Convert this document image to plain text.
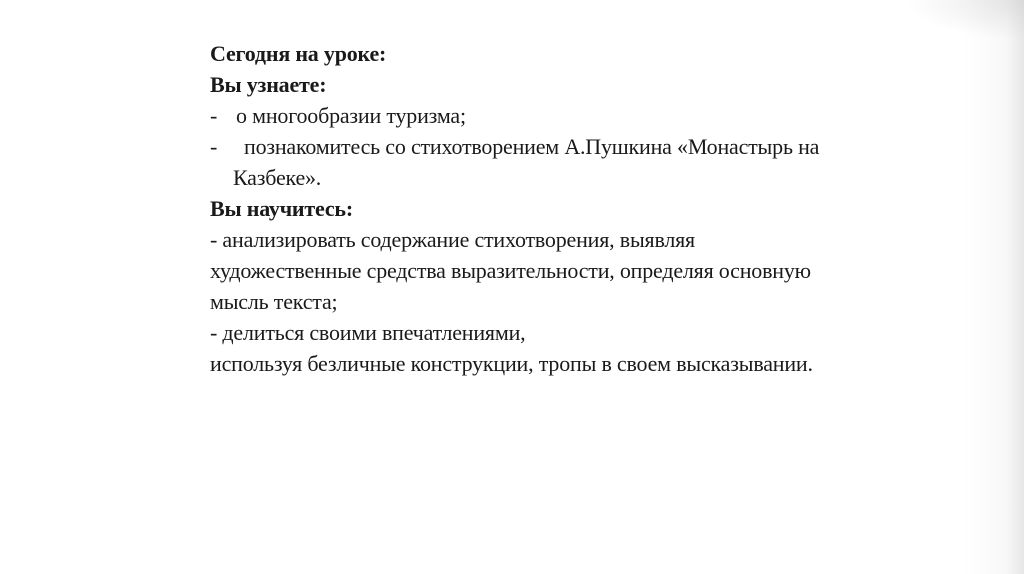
Сегодня на уроке:
Вы узнаете:
- о многообразии туризма;
-	познакомитесь со стихотворением А.Пушкина «Монастырь на
Казбеке».
Вы научитесь:
- анализировать содержание стихотворения, выявляя
художественные средства выразительности, определяя основную
мысль текста;
- делиться своими впечатлениями,
используя безличные конструкции, тропы в своем высказывании.
